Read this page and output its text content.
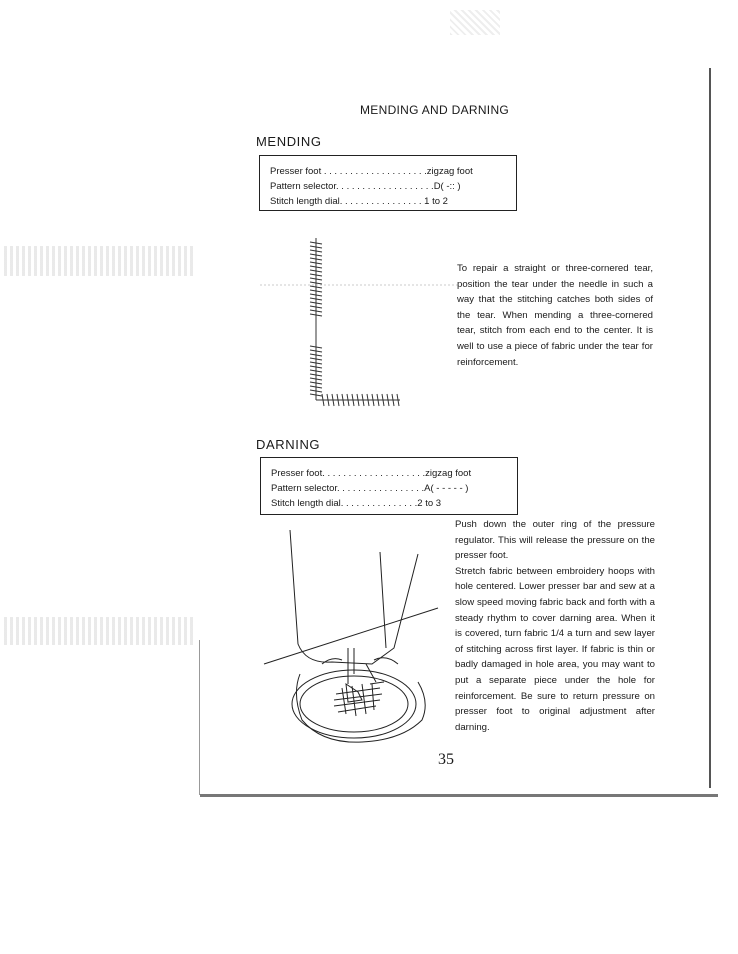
MENDING AND DARNING
MENDING
Presser foot . . . . . . . . . . . . . . . . . . . .zigzag foot
Pattern selector. . . . . . . . . . . . . . . . . . .D( -:: )
Stitch length dial. . . . . . . . . . . . . . . . 1 to 2
To repair a straight or three-cornered tear, position the tear under the needle in such a way that the stitching catches both sides of the tear. When mending a three-cornered tear, stitch from each end to the center. It is well to use a piece of fabric under the tear for reinforcement.
DARNING
Presser foot. . . . . . . . . . . . . . . . . . . .zigzag foot
Pattern selector. . . . . . . . . . . . . . . . .A( - - - - - )
Stitch length dial. . . . . . . . . . . . . . .2 to 3

Push down the outer ring of the pressure regulator. This will release the pressure on the presser foot.

Stretch fabric between embroidery hoops with hole centered. Lower presser bar and sew at a slow speed moving fabric back and forth with a steady rhythm to cover darning area. When it is covered, turn fabric 1/4 a turn and sew layer of stitching across first layer. If fabric is thin or badly damaged in hole area, you may want to put a separate piece under the hole for reinforcement. Be sure to return pressure on presser foot to original adjustment after darning.

35
